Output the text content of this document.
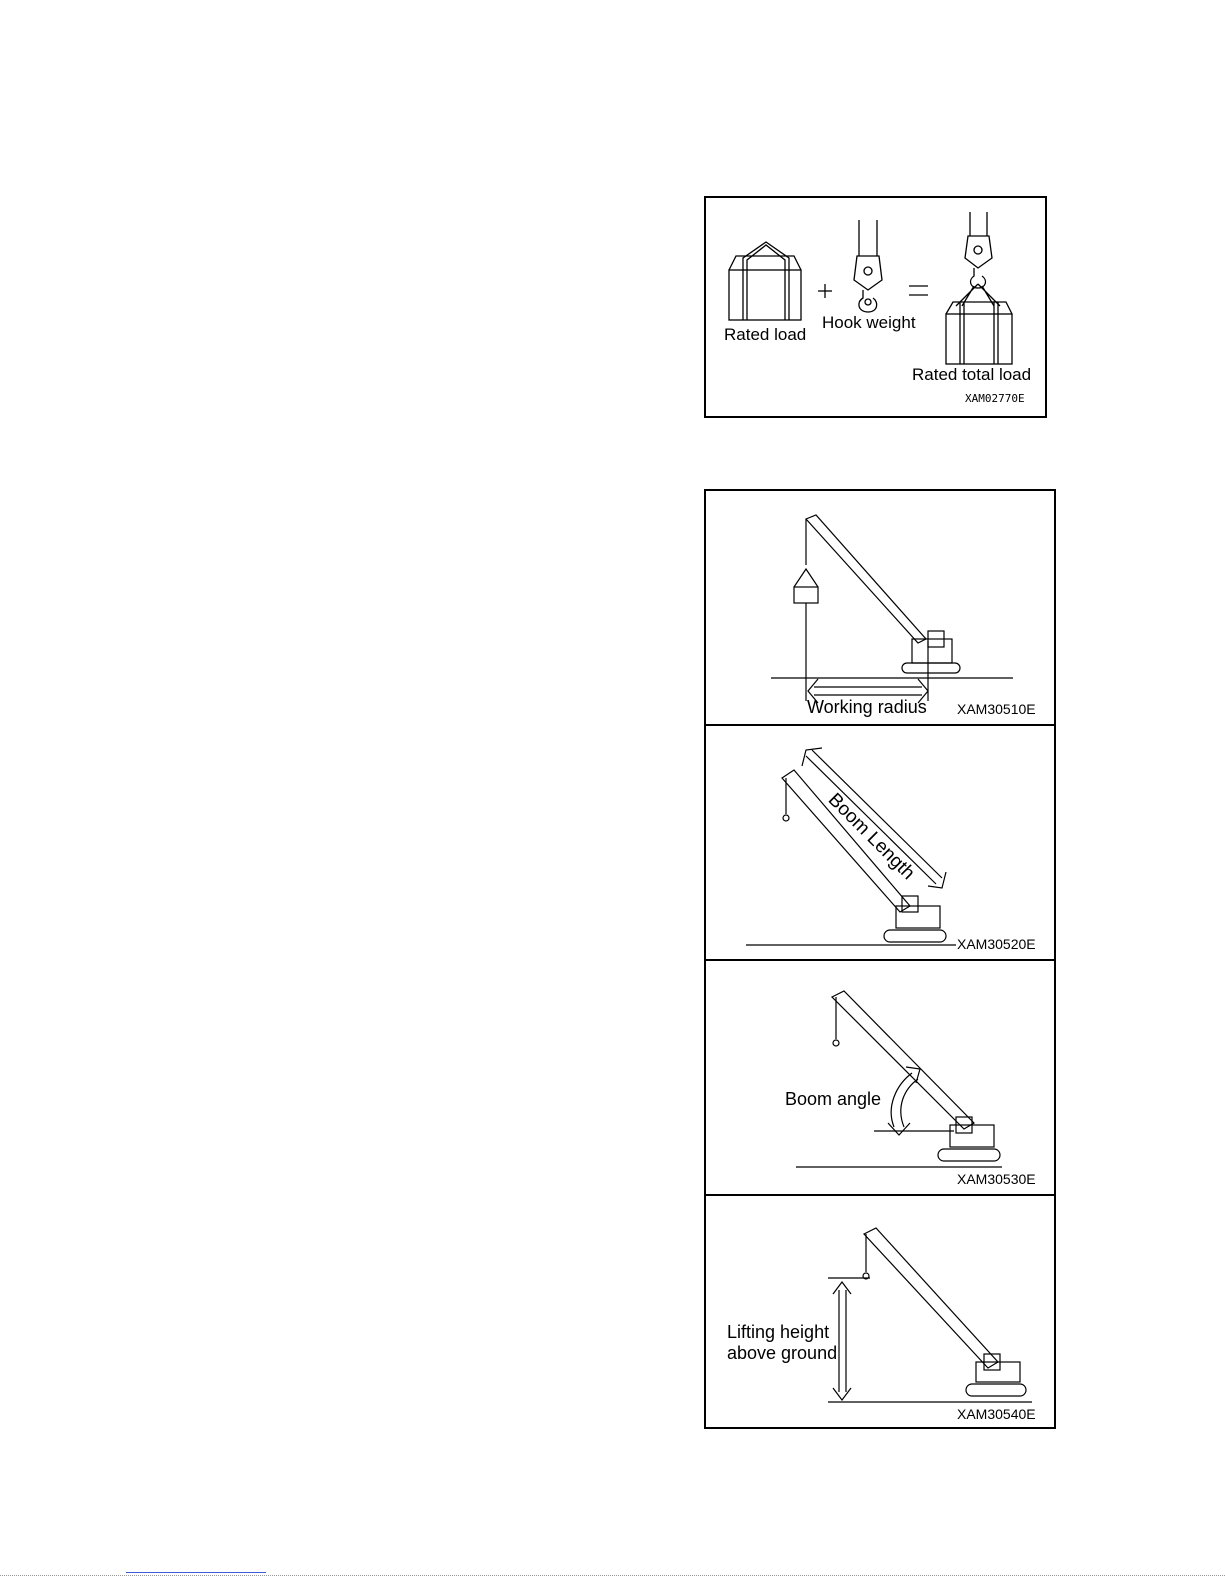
Rated load
Hook weight
Rated total load
XAM02770E
Working radius XAM30510E
Boom Length
XAM30520E
Boom angle
XAM30530E
Lifting height
above ground
XAM30540E
